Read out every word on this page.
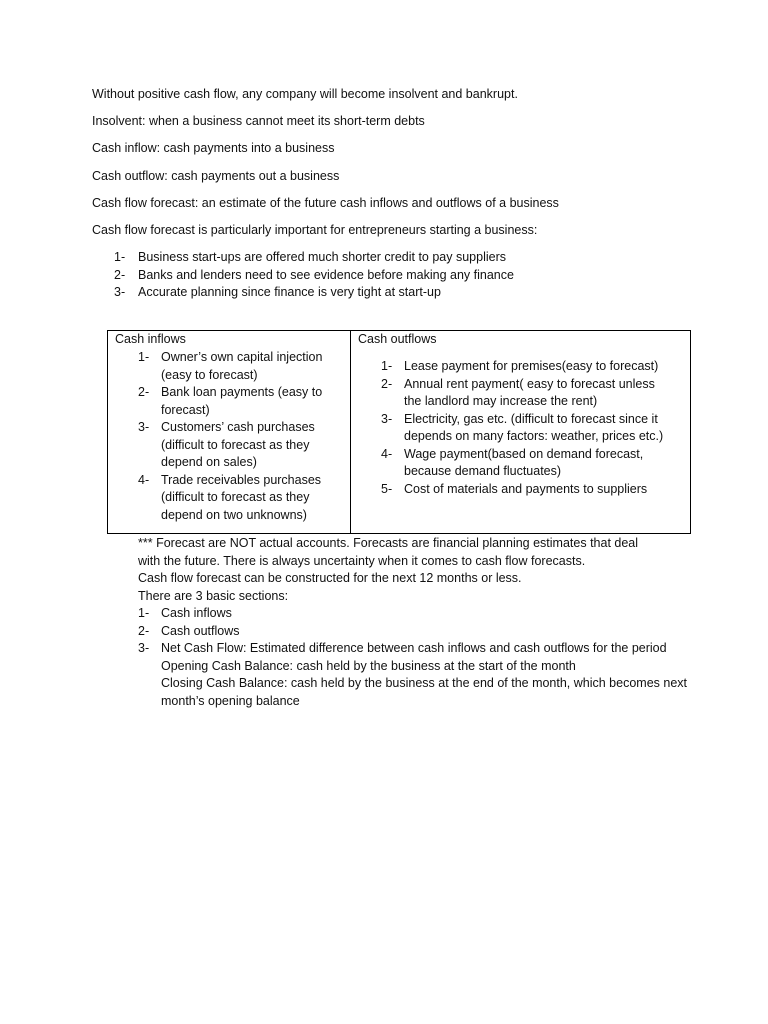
Without positive cash flow, any company will become insolvent and bankrupt.

Insolvent: when a business cannot meet its short-term debts

Cash inflow: cash payments into a business

Cash outflow: cash payments out a business

Cash flow forecast: an estimate of the future cash inflows and outflows of a business

Cash flow forecast is particularly important for entrepreneurs starting a business:

1-	Business start-ups are offered much shorter credit to pay suppliers
2-	Banks and lenders need to see evidence before making any finance
3-	Accurate planning since finance is very tight at start-up
Cash inflows
1- Owner’s own capital injection (easy to forecast)
2- Bank loan payments (easy to forecast)
3- Customers’ cash purchases (difficult to forecast as they depend on sales)
4- Trade receivables purchases (difficult to forecast as they depend on two unknowns)
Cash outflows
1- Lease payment for premises(easy to forecast)
2- Annual rent payment( easy to forecast unless the landlord may increase the rent)
3- Electricity, gas etc. (difficult to forecast since it depends on many factors: weather, prices etc.)
4- Wage payment(based on demand forecast, because demand fluctuates)
5- Cost of materials and payments to suppliers
*** Forecast are NOT actual accounts. Forecasts are financial planning estimates that deal
with the future. There is always uncertainty when it comes to cash flow forecasts.
Cash flow forecast can be constructed for the next 12 months or less.
There are 3 basic sections:
1- Cash inflows
2- Cash outflows
3- Net Cash Flow: Estimated difference between cash inflows and cash outflows for the period
Opening Cash Balance: cash held by the business at the start of the month
Closing Cash Balance: cash held by the business at the end of the month, which becomes next month’s opening balance
